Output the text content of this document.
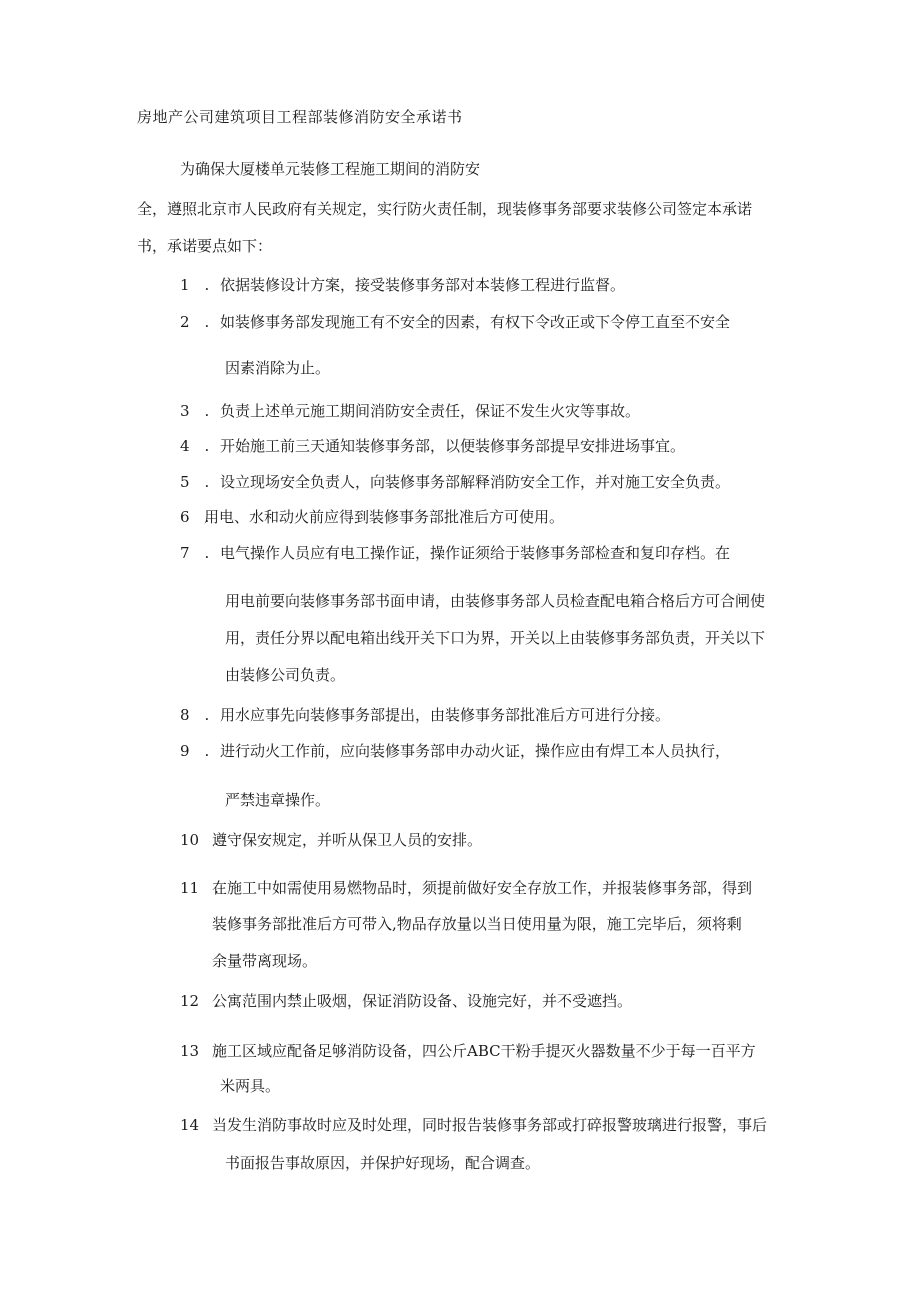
房地产公司建筑项目工程部装修消防安全承诺书
为确保大厦楼单元装修工程施工期间的消防安
全，遵照北京市人民政府有关规定，实行防火责任制，现装修事务部要求装修公司签定本承诺
书，承诺要点如下：
1　. 依据装修设计方案，接受装修事务部对本装修工程进行监督。
2　. 如装修事务部发现施工有不安全的因素，有权下令改正或下令停工直至不安全
因素消除为止。
3　. 负责上述单元施工期间消防安全责任，保证不发生火灾等事故。
4　. 开始施工前三天通知装修事务部，以便装修事务部提早安排进场事宜。
5　. 设立现场安全负责人，向装修事务部解释消防安全工作，并对施工安全负责。
6　.用电、水和动火前应得到装修事务部批准后方可使用。
7　. 电气操作人员应有电工操作证，操作证须给于装修事务部检查和复印存档。在
用电前要向装修事务部书面申请，由装修事务部人员检查配电箱合格后方可合闸使
用，责任分界以配电箱出线开关下口为界，开关以上由装修事务部负责，开关以下
由装修公司负责。
8　. 用水应事先向装修事务部提出，由装修事务部批准后方可进行分接。
9　. 进行动火工作前，应向装修事务部申办动火证，操作应由有焊工本人员执行，
严禁违章操作。
10　.遵守保安规定，并听从保卫人员的安排。
11　.在施工中如需使用易燃物品时，须提前做好安全存放工作，并报装修事务部，得到
装修事务部批准后方可带入,物品存放量以当日使用量为限，施工完毕后，须将剩
余量带离现场。
12　.公寓范围内禁止吸烟，保证消防设备、设施完好，并不受遮挡。
13　.施工区域应配备足够消防设备，四公斤ABC干粉手提灭火器数量不少于每一百平方
米两具。
14　.当发生消防事故时应及时处理，同时报告装修事务部或打碎报警玻璃进行报警，事后
书面报告事故原因，并保护好现场，配合调查。
